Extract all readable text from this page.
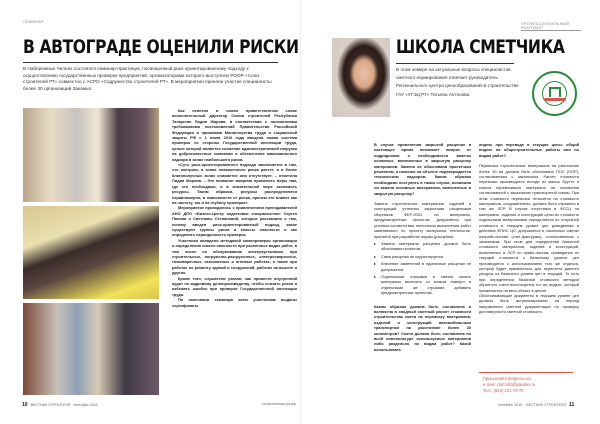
СЕМИНАР
В АВТОГРАДЕ ОЦЕНИЛИ РИСКИ
В Набережных Челнах состоялся семинар-практикум, посвященный риск-ориентированному подходу к осуществлению государственных проверок предприятий, организаторами которого выступили РООР «Союз строителей РТ» совместно с АСРО «Содружество строителей РТ». В мероприятии приняли участие специалисты более 30 организаций Закамья.

Как отметил в своем приветственном слове исполнительный директор Союза строителей Республики Татарстан Лидия Жарова, в соответствии с положениями требованиями постановлений Правительства Российской Федерации и приказами Министерства труда и социальной защиты РФ с 1 июля 2016 года введена новая система проверок со стороны Государственной инспекции труда, целью которой является снижение административной нагрузки на добросовестные компании и обеспечение максимального надзора в зонах наибольшего риска.

«Суть риск-ориентированного подхода заключается в том, что контроль в зонах повышенного риска растет, а в более благополучных зонах снижается или отсутствует, – отметила Лидия Жарова. – Это позволит вовремя применять меры там, где это необходимо, и в значительной мере экономить ресурсы. Таким образом, ресурсы распределяются неравномерно, в зависимости от риска, причем это влияет как на частоту, так и на глубину проверок».

Мероприятие проводилось с привлечением преподавателей АНО ДПО «Бизнес-Центр подготовки специалистов» Сергея Панова и Светланы Степановой, которые рассказали о том, почему введен риск-ориентированный подход, какие существуют группы риска и классы опасности и как определить периодичность проверок.

Участники овладели методикой самопроверки организации и определения класса опасности при различных видах работ, в том числе по обслуживанию электроустановок, при строительных, погрузочно-разгрузочных, электросварочных, газосварочных, газоопасных и огневых работах, а также при работах по ремонту зданий и сооружений, работах на высоте и других.

Кроме того, слушатели узнали, как провести внутренний аудит по кадровому делопроизводству, чтобы снизить риски и избежать ошибок при проверке Государственной инспекции труда.

По окончании семинара всем участникам выданы сертификаты.

10 ВЕСТНИК СТРОИТЕЛЯ сентябрь 2016	строительная-ра.рф
ПРОФЕССИОНАЛЬНЫЙ РАЗГОВОР
ШКОЛА СМЕТЧИКА
В этом номере на актуальные вопросы специалистов сметного нормирования отвечает руководитель Регионального центра ценообразования в строительстве ГАУ «УГЭЦ РТ» Татьяна Антонова.

В случае применения закрытой расценки в настоящее время возникает вопрос от подрядчиков о необходимости замены основных, включенных в закрытую расценку материалов. Замена их обоснована проектным решением, а наличие на объекте подтверждается техническим надзором. Каким образом необходимо поступить в таком случае, возможна ли замена основных материалов, включенных в закрытую расценку?

Замена строительных материалов, изделий и конструкций, учтенных закрытыми расценками сборников ФЕР-2001, на материалы, предусмотренные проектом, допускается при условии соответствия технологии выполнения работ заменяемого по проекту материала технологии, принятой при разработке нормы (расценки):

▸ Замена материала расценки должна быть обоснована проектом.
▸ Сама расценка не корректируется.
▸ Внесение изменений в единичные расценки не допускается.
▸ Отдельными строками в сметах можно материалы включить со знаком «минус» и отдельными же строками добавить предусмотренные проектом.

Каким образом должна быть составлена и включена в сводный сметный расчет стоимости строительства смета на перевозку материалов, изделий и конструкций автомобильным транспортом на расстояние более 30 километров? Смета должна быть составлена по всей номенклатуре используемых материалов либо раздельно по видам работ? Какой использовать

индекс при переводе в текущие цены: общий индекс на общестроительные работы или по видам работ?

Перевозка строительных материалов на расстояние более 30 км должна быть обоснована ПОС (ПОР), согласованным с заказчиком. Расчет стоимости перевозки производится исходя из массы брутто и класса перевозимого материала на основании согласованной с заказчиком транспортной схемы. При этом стоимость перевозки относится на стоимость материалов, следовательно, должна быть отражена в том же ЛСР. В случае отсутствия в ФССЦ на материалы, изделия и конструкции цены их стоимость отдельными материалами определяется по отпускной стоимости в текущем уровне цен доведенная в действие ФПИС ЦС, допускается в локальных сметах попрайс-листам (счет-фактурам), согласованным с заказчиком. При этом для определения базисной стоимости материалов, изделий и конструкций, включенных в ЛСР по прайс-листам, приведение их текущей стоимости к базисному уровню цен производится с использованием того же индекса, который будет применяться для пересчета данного ресурса из базисного уровня цен в текущий. То есть при определении базисной стоимости методом обратного счета используется тот же индекс, который применяется на весь объект в целом.

Обосновывающие документы в текущем уровне цен должны быть актуализированы на период направления сметной документации на проверку достоверности сметной стоимости.

Присылайте вопросы на
e-mail: ctsrt.info@yandex.ru
Тел.: (843) 221-70-70
сентябрь 2016 ВЕСТНИК СТРОИТЕЛЯ 11
